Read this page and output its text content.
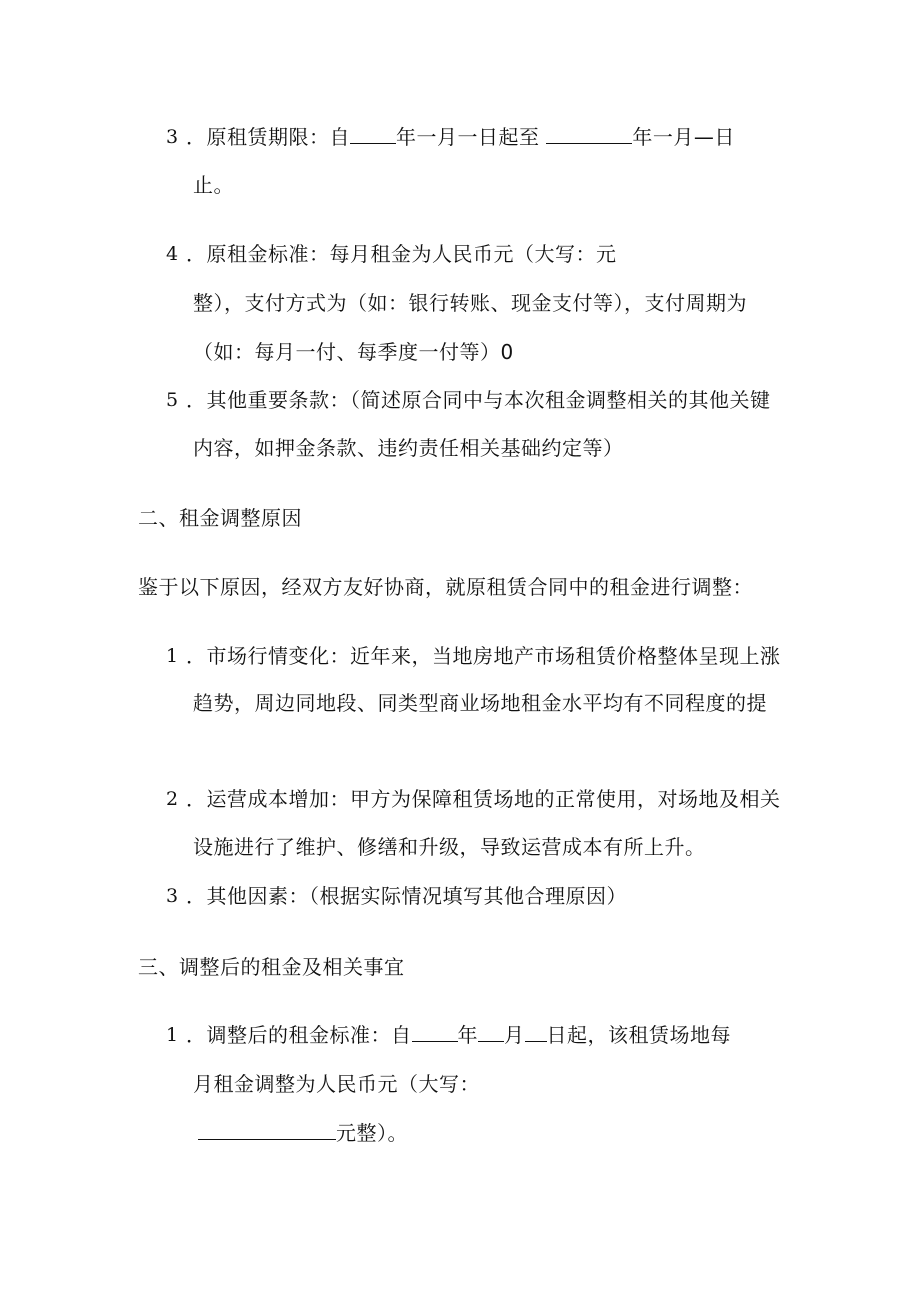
3 ．原租赁期限：自 年一月一日起至	年一月—日
止。
4 ．原租金标准：每月租金为人民币元（大写：元
整），支付方式为（如：银行转账、现金支付等），支付周期为
（如：每月一付、每季度一付等）0
5 ．其他重要条款：（简述原合同中与本次租金调整相关的其他关键
内容，如押金条款、违约责任相关基础约定等）
二、租金调整原因
鉴于以下原因，经双方友好协商，就原租赁合同中的租金进行调整：
1 ．市场行情变化：近年来，当地房地产市场租赁价格整体呈现上涨
趋势，周边同地段、同类型商业场地租金水平均有不同程度的提
2 ．运营成本增加：甲方为保障租赁场地的正常使用，对场地及相关
设施进行了维护、修缮和升级，导致运营成本有所上升。
3 ．其他因素：（根据实际情况填写其他合理原因）
三、调整后的租金及相关事宜
1 ．调整后的租金标准：自 年 月 日起，该租赁场地每
月租金调整为人民币元（大写：
元整）。
